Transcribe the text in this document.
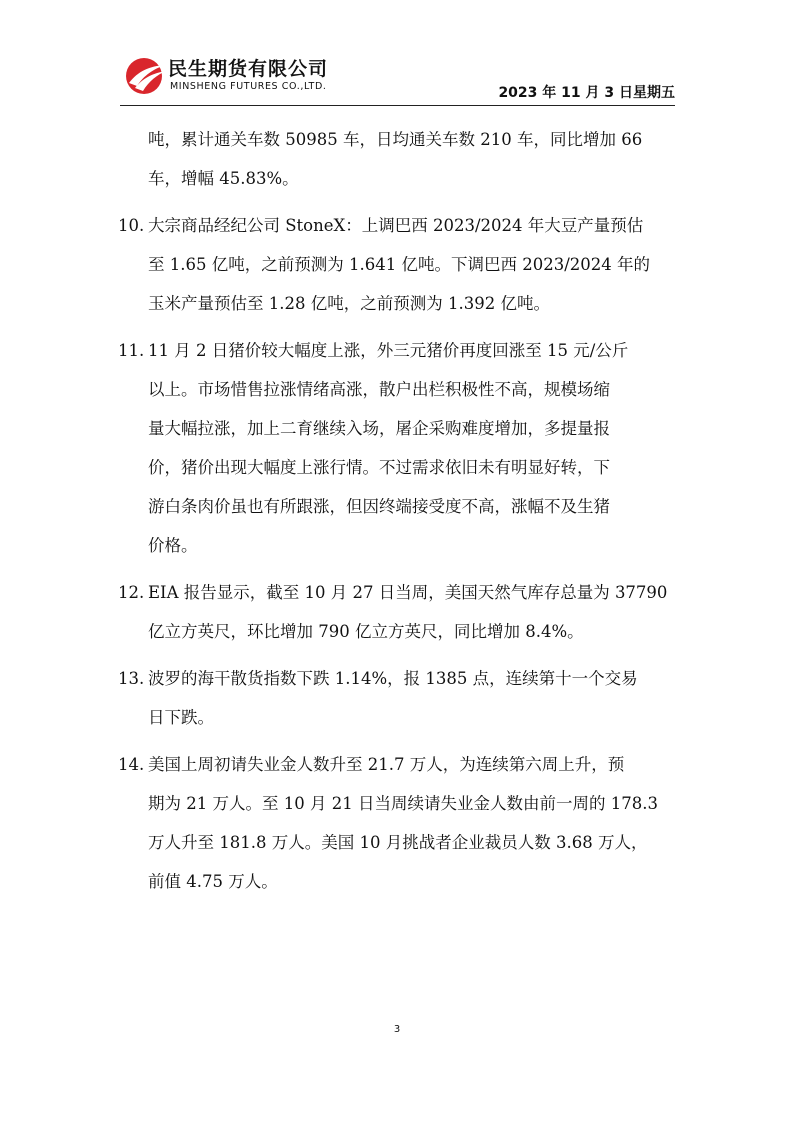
民生期货有限公司
MINSHENG FUTURES CO.,LTD.	2023 年 11 月 3 日星期五
吨，累计通关车数 50985 车，日均通关车数 210 车，同比增加 66
车，增幅 45.83%。
10. 大宗商品经纪公司 StoneX：上调巴西 2023/2024 年大豆产量预估
至 1.65 亿吨，之前预测为 1.641 亿吨。下调巴西 2023/2024 年的
玉米产量预估至 1.28 亿吨，之前预测为 1.392 亿吨。
11. 11 月 2 日猪价较大幅度上涨，外三元猪价再度回涨至 15 元/公斤
以上。市场惜售拉涨情绪高涨，散户出栏积极性不高，规模场缩
量大幅拉涨，加上二育继续入场，屠企采购难度增加，多提量报
价，猪价出现大幅度上涨行情。不过需求依旧未有明显好转，下
游白条肉价虽也有所跟涨，但因终端接受度不高，涨幅不及生猪
价格。
12. EIA 报告显示，截至 10 月 27 日当周，美国天然气库存总量为 37790
亿立方英尺，环比增加 790 亿立方英尺，同比增加 8.4%。
13. 波罗的海干散货指数下跌 1.14%，报 1385 点，连续第十一个交易
日下跌。
14. 美国上周初请失业金人数升至 21.7 万人，为连续第六周上升，预
期为 21 万人。至 10 月 21 日当周续请失业金人数由前一周的 178.3
万人升至 181.8 万人。美国 10 月挑战者企业裁员人数 3.68 万人，
前值 4.75 万人。
3
